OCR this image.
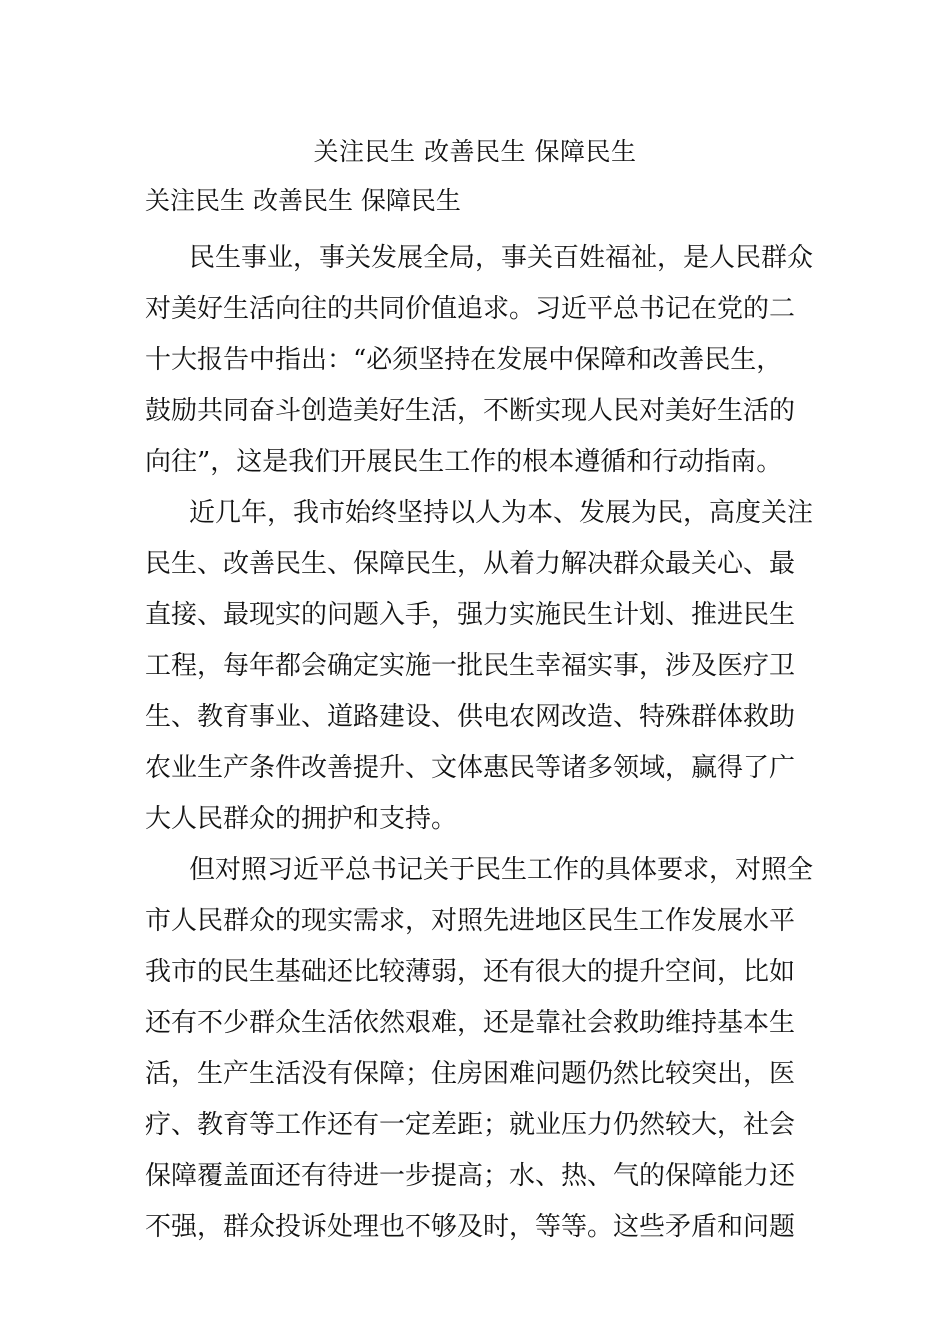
关注民生 改善民生 保障民生
关注民生 改善民生 保障民生
民生事业，事关发展全局，事关百姓福祉，是人民群众
对美好生活向往的共同价值追求。习近平总书记在党的二
十大报告中指出：“必须坚持在发展中保障和改善民生，
鼓励共同奋斗创造美好生活，不断实现人民对美好生活的
向往”，这是我们开展民生工作的根本遵循和行动指南。
近几年，我市始终坚持以人为本、发展为民，高度关注
民生、改善民生、保障民生，从着力解决群众最关心、最
直接、最现实的问题入手，强力实施民生计划、推进民生
工程，每年都会确定实施一批民生幸福实事，涉及医疗卫
生、教育事业、道路建设、供电农网改造、特殊群体救助
农业生产条件改善提升、文体惠民等诸多领域，赢得了广
大人民群众的拥护和支持。
但对照习近平总书记关于民生工作的具体要求，对照全
市人民群众的现实需求，对照先进地区民生工作发展水平
我市的民生基础还比较薄弱，还有很大的提升空间，比如
还有不少群众生活依然艰难，还是靠社会救助维持基本生
活，生产生活没有保障；住房困难问题仍然比较突出，医
疗、教育等工作还有一定差距；就业压力仍然较大，社会
保障覆盖面还有待进一步提高；水、热、气的保障能力还
不强，群众投诉处理也不够及时，等等。这些矛盾和问题
